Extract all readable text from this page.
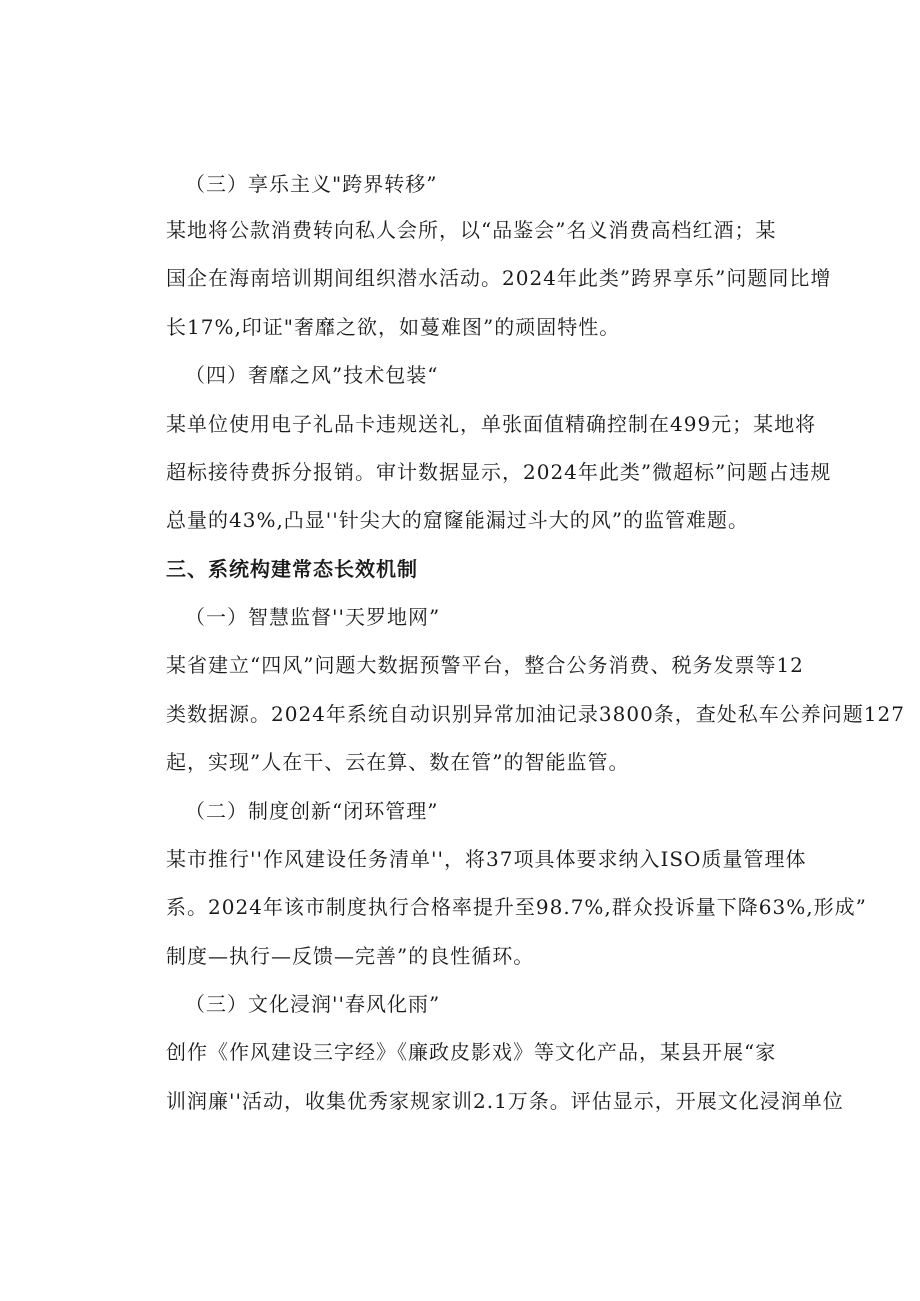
（三）享乐主义"跨界转移”
某地将公款消费转向私人会所，以“品鉴会”名义消费高档红酒；某
国企在海南培训期间组织潜水活动。2024年此类”跨界享乐”问题同比增
长17%,印证"奢靡之欲，如蔓难图”的顽固特性。
（四）奢靡之风”技术包装“
某单位使用电子礼品卡违规送礼，单张面值精确控制在499元；某地将
超标接待费拆分报销。审计数据显示，2024年此类”微超标”问题占违规
总量的43%,凸显''针尖大的窟窿能漏过斗大的风”的监管难题。
三、系统构建常态长效机制
（一）智慧监督''天罗地网”
某省建立“四风”问题大数据预警平台，整合公务消费、税务发票等12
类数据源。2024年系统自动识别异常加油记录3800条，查处私车公养问题127
起，实现”人在干、云在算、数在管”的智能监管。
（二）制度创新“闭环管理”
某市推行''作风建设任务清单''，将37项具体要求纳入ISO质量管理体
系。2024年该市制度执行合格率提升至98.7%,群众投诉量下降63%,形成”
制度—执行—反馈—完善”的良性循环。
（三）文化浸润''春风化雨”
创作《作风建设三字经》《廉政皮影戏》等文化产品，某县开展“家
训润廉''活动，收集优秀家规家训2.1万条。评估显示，开展文化浸润单位
